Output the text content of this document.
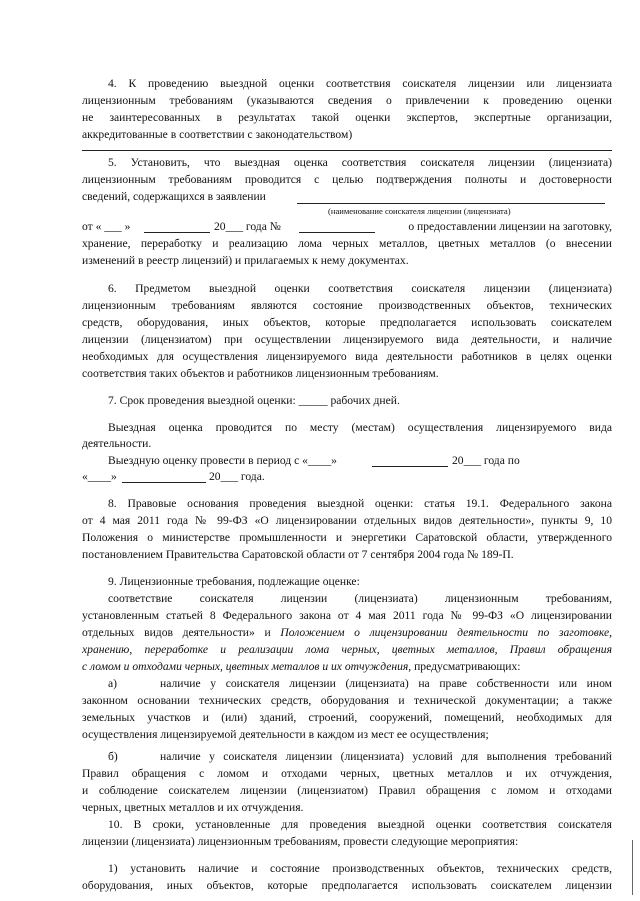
4. К проведению выездной оценки соответствия соискателя лицензии или лицензиата
лицензионным требованиям (указываются сведения о привлечении к проведению оценки
не заинтересованных в результатах такой оценки экспертов, экспертные организации,
аккредитованные в соответствии с законодательством)
5. Установить, что выездная оценка соответствия соискателя лицензии (лицензиата)
лицензионным требованиям проводится с целью подтверждения полноты и достоверности
сведений, содержащихся в заявлении
(наименование соискателя лицензии (лицензиата)
от « ___ »	20___ года №	о предоставлении лицензии на заготовку,
хранение, переработку и реализацию лома черных металлов, цветных металлов (о внесении
изменений в реестр лицензий) и прилагаемых к нему документах.
6. Предметом выездной оценки соответствия соискателя лицензии (лицензиата)
лицензионным требованиям являются состояние производственных объектов, технических
средств, оборудования, иных объектов, которые предполагается использовать соискателем
лицензии (лицензиатом) при осуществлении лицензируемого вида деятельности, и наличие
необходимых для осуществления лицензируемого вида деятельности работников в целях оценки
соответствия таких объектов и работников лицензионным требованиям.
7. Срок проведения выездной оценки: _____ рабочих дней.
Выездная оценка проводится по месту (местам) осуществления лицензируемого вида
деятельности.
Выездную оценку провести в период с «____»	20___ года по
«____»	20___ года.
8. Правовые основания проведения выездной оценки: статья 19.1. Федерального закона
от 4 мая 2011 года № 99-ФЗ «О лицензировании отдельных видов деятельности», пункты 9, 10
Положения о министерстве промышленности и энергетики Саратовской области, утвержденного
постановлением Правительства Саратовской области от 7 сентября 2004 года № 189-П.
9. Лицензионные требования, подлежащие оценке:
соответствие соискателя лицензии (лицензиата) лицензионным требованиям,
установленным статьей 8 Федерального закона от 4 мая 2011 года № 99-ФЗ «О лицензировании
отдельных видов деятельности» и Положением о лицензировании деятельности по заготовке,
хранению, переработке и реализации лома черных, цветных металлов, Правил обращения
с ломом и отходами черных, цветных металлов и их отчуждения, предусматривающих:
а)	наличие у соискателя лицензии (лицензиата) на праве собственности или ином
законном основании технических средств, оборудования и технической документации; а также
земельных участков и (или) зданий, строений, сооружений, помещений, необходимых для
осуществления лицензируемой деятельности в каждом из мест ее осуществления;
б)	наличие у соискателя лицензии (лицензиата) условий для выполнения требований
Правил обращения с ломом и отходами черных, цветных металлов и их отчуждения,
и соблюдение соискателем лицензии (лицензиатом) Правил обращения с ломом и отходами
черных, цветных металлов и их отчуждения.
10. В сроки, установленные для проведения выездной оценки соответствия соискателя
лицензии (лицензиата) лицензионным требованиям, провести следующие мероприятия:
1) установить наличие и состояние производственных объектов, технических средств,
оборудования, иных объектов, которые предполагается использовать соискателем лицензии
